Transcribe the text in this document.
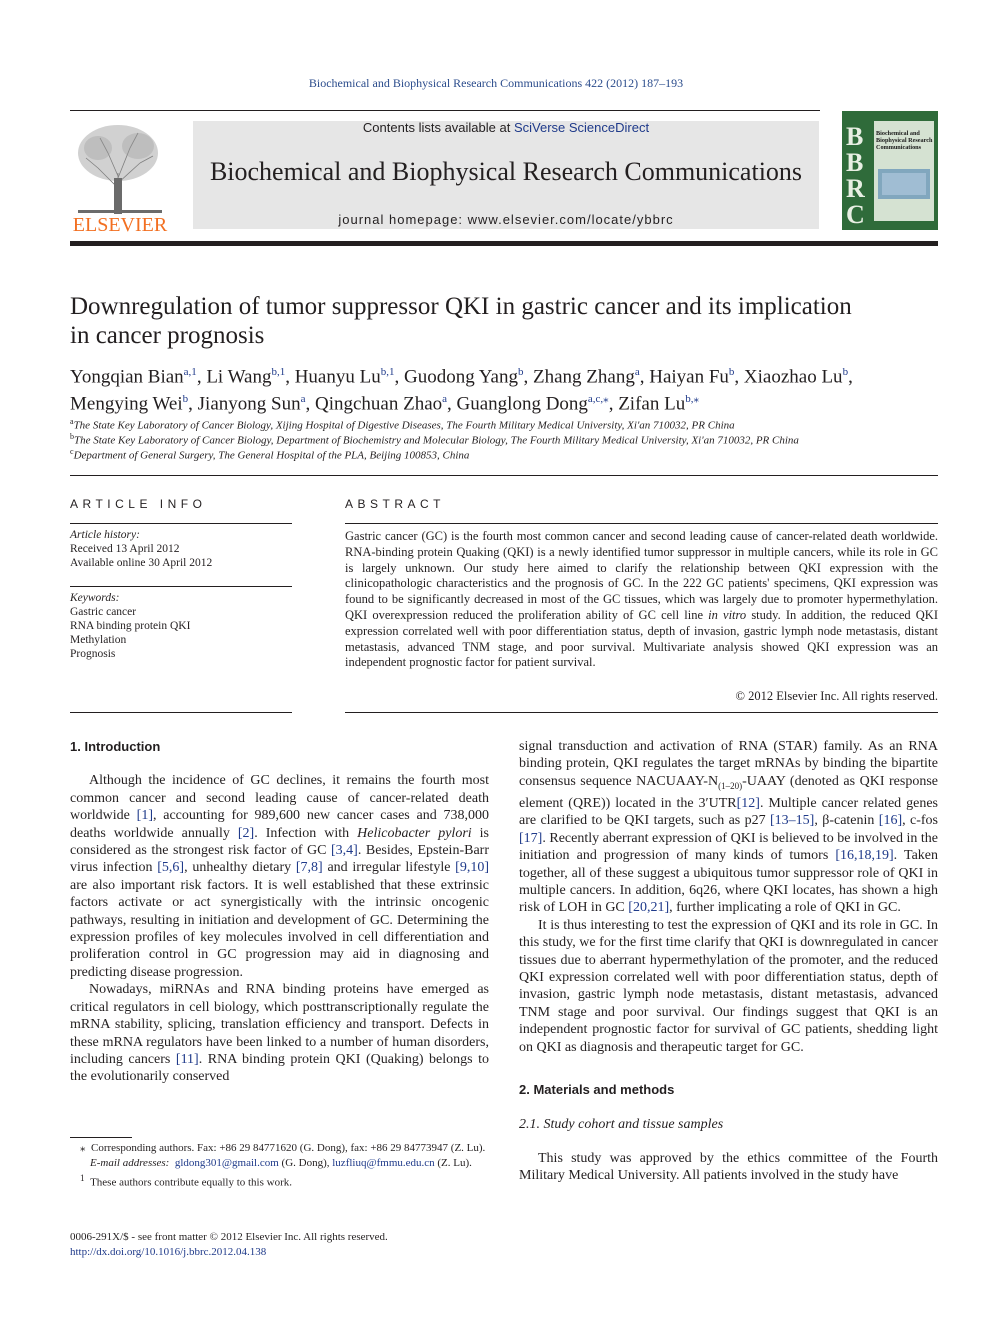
Biochemical and Biophysical Research Communications 422 (2012) 187–193
ELSEVIER
Contents lists available at SciVerse ScienceDirect
Biochemical and Biophysical Research Communications
journal homepage: www.elsevier.com/locate/ybbrc
B
B
R
C
Biochemical and Biophysical Research Communications
Downregulation of tumor suppressor QKI in gastric cancer and its implication
in cancer prognosis
Yongqian Bian$^{a,1}$, Li Wang$^{b,1}$, Huanyu Lu$^{b,1}$, Guodong Yang$^b$, Zhang Zhang$^a$, Haiyan Fu$^b$, Xiaozhao Lu$^b$,
Mengying Wei$^b$, Jianyong Sun$^a$, Qingchuan Zhao$^a$, Guanglong Dong$^{a,c,⁎}$, Zifan $Lu^{b,⁎}$
$^a$The State Key Laboratory of Cancer Biology, Xijing Hospital of Digestive Diseases, The Fourth Military Medical University, Xi'an 710032, PR China
$^b$The State Key Laboratory of Cancer Biology, Department of Biochemistry and Molecular Biology, The Fourth Military Medical University, Xi'an 710032, PR China
$^c$Department of General Surgery, The General Hospital of the PLA, Beijing 100853, China
ARTICLE INFO
Article history:
Received 13 April 2012
Available online 30 April 2012
Keywords:
Gastric cancer
RNA binding protein QKI
Methylation
Prognosis
ABSTRACT
Gastric cancer (GC) is the fourth most common cancer and second leading cause of cancer-related death worldwide. RNA-binding protein Quaking (QKI) is a newly identified tumor suppressor in multiple cancers, while its role in GC is largely unknown. Our study here aimed to clarify the relationship between QKI expression with the clinicopathologic characteristics and the prognosis of GC. In the 222 GC patients' specimens, QKI expression was found to be significantly decreased in most of the GC tissues, which was largely due to promoter hypermethylation. QKI overexpression reduced the proliferation ability of GC cell line in vitro study. In addition, the reduced QKI expression correlated well with poor differentiation status, depth of invasion, gastric lymph node metastasis, distant metastasis, advanced TNM stage, and poor survival. Multivariate analysis showed QKI expression was an independent prognostic factor for patient survival.
© 2012 Elsevier Inc. All rights reserved.
1. Introduction

Although the incidence of GC declines, it remains the fourth most common cancer and second leading cause of cancer-related death worldwide [1], accounting for 989,600 new cancer cases and 738,000 deaths worldwide annually [2]. Infection with Helicobacter pylori is considered as the strongest risk factor of GC [3,4]. Besides, Epstein-Barr virus infection [5,6], unhealthy dietary [7,8] and irregular lifestyle [9,10] are also important risk factors. It is well established that these extrinsic factors activate or act synergistically with the intrinsic oncogenic pathways, resulting in initiation and development of GC. Determining the expression profiles of key molecules involved in cell differentiation and proliferation control in GC progression may aid in diagnosing and predicting disease progression.

Nowadays, miRNAs and RNA binding proteins have emerged as critical regulators in cell biology, which posttranscriptionally regulate the mRNA stability, splicing, translation efficiency and transport. Defects in these mRNA regulators have been linked to a number of human disorders, including cancers [11]. RNA binding protein QKI (Quaking) belongs to the evolutionarily conserved

⁎ Corresponding authors. Fax: +86 29 84771620 (G. Dong), fax: +86 29 84773947 (Z. Lu).
E-mail addresses: gldong301@gmail.com (G. Dong), luzfliuq@fmmu.edu.cn (Z. Lu).
$^1$ These authors contribute equally to this work.
0006-291X/$ - see front matter © 2012 Elsevier Inc. All rights reserved.
http://dx.doi.org/10.1016/j.bbrc.2012.04.138

signal transduction and activation of RNA (STAR) family. As an RNA binding protein, QKI regulates the target mRNAs by binding the bipartite consensus sequence NACUAAY-$N_{(1-20)}$-UAAY (denoted as QKI response element (QRE)) located in the 3′UTR[12]. Multiple cancer related genes are clarified to be QKI targets, such as p27 [13–15], β-catenin [16], c-fos [17]. Recently aberrant expression of QKI is believed to be involved in the initiation and progression of many kinds of tumors [16,18,19]. Taken together, all of these suggest a ubiquitous tumor suppressor role of QKI in multiple cancers. In addition, 6q26, where QKI locates, has shown a high risk of LOH in GC [20,21], further implicating a role of QKI in GC.

It is thus interesting to test the expression of QKI and its role in GC. In this study, we for the first time clarify that QKI is downregulated in cancer tissues due to aberrant hypermethylation of the promoter, and the reduced QKI expression correlated well with poor differentiation status, depth of invasion, gastric lymph node metastasis, distant metastasis, advanced TNM stage and poor survival. Our findings suggest that QKI is an independent prognostic factor for survival of GC patients, shedding light on QKI as diagnosis and therapeutic target for GC.

2. Materials and methods
2.1. Study cohort and tissue samples

This study was approved by the ethics committee of the Fourth Military Medical University. All patients involved in the study have
